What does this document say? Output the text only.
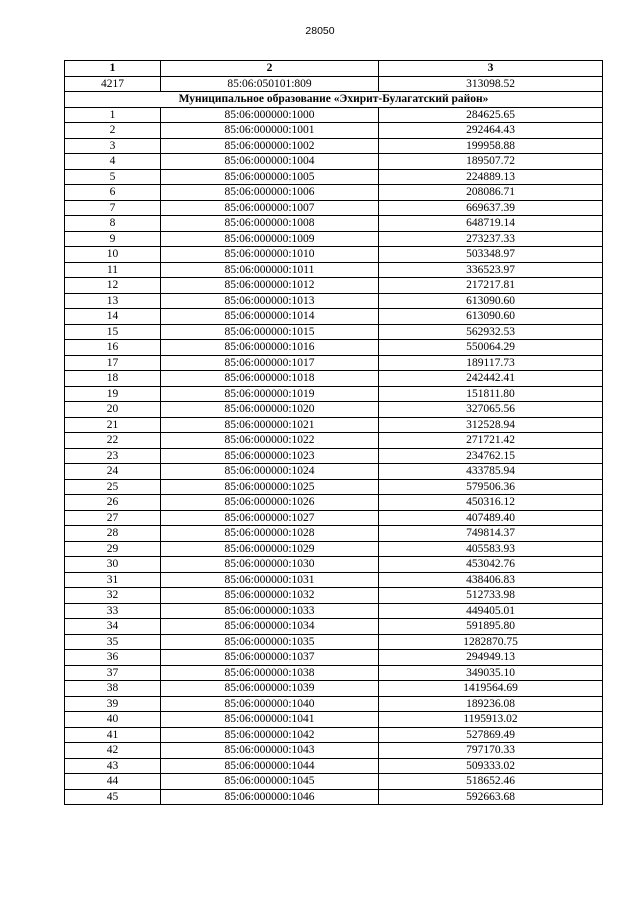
28050
1	2	3
4217	85:06:050101:809	313098.52
Муниципальное образование «Эхирит-Булагатский район»		
1	85:06:000000:1000	284625.65
2	85:06:000000:1001	292464.43
3	85:06:000000:1002	199958.88
4	85:06:000000:1004	189507.72
5	85:06:000000:1005	224889.13
6	85:06:000000:1006	208086.71
7	85:06:000000:1007	669637.39
8	85:06:000000:1008	648719.14
9	85:06:000000:1009	273237.33
10	85:06:000000:1010	503348.97
11	85:06:000000:1011	336523.97
12	85:06:000000:1012	217217.81
13	85:06:000000:1013	613090.60
14	85:06:000000:1014	613090.60
15	85:06:000000:1015	562932.53
16	85:06:000000:1016	550064.29
17	85:06:000000:1017	189117.73
18	85:06:000000:1018	242442.41
19	85:06:000000:1019	151811.80
20	85:06:000000:1020	327065.56
21	85:06:000000:1021	312528.94
22	85:06:000000:1022	271721.42
23	85:06:000000:1023	234762.15
24	85:06:000000:1024	433785.94
25	85:06:000000:1025	579506.36
26	85:06:000000:1026	450316.12
27	85:06:000000:1027	407489.40
28	85:06:000000:1028	749814.37
29	85:06:000000:1029	405583.93
30	85:06:000000:1030	453042.76
31	85:06:000000:1031	438406.83
32	85:06:000000:1032	512733.98
33	85:06:000000:1033	449405.01
34	85:06:000000:1034	591895.80
35	85:06:000000:1035	1282870.75
36	85:06:000000:1037	294949.13
37	85:06:000000:1038	349035.10
38	85:06:000000:1039	1419564.69
39	85:06:000000:1040	189236.08
40	85:06:000000:1041	1195913.02
41	85:06:000000:1042	527869.49
42	85:06:000000:1043	797170.33
43	85:06:000000:1044	509333.02
44	85:06:000000:1045	518652.46
45	85:06:000000:1046	592663.68
